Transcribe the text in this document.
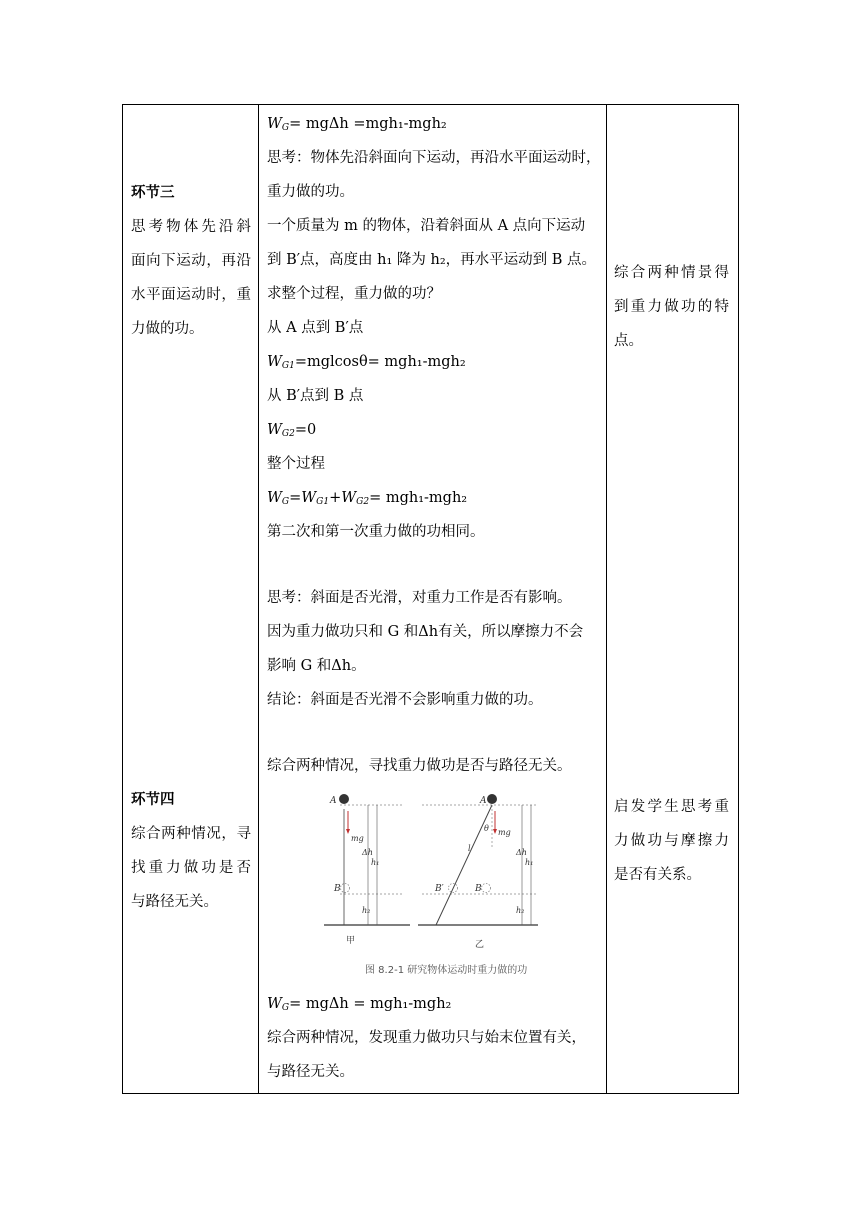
环节三
思考物体先沿斜
面向下运动，再沿
水平面运动时，重
力做的功。
$W_G= mg\Delta h =mgh_1-mgh_2$
思考：物体先沿斜面向下运动，再沿水平面运动时，
重力做的功。
一个质量为 m 的物体，沿着斜面从 A 点向下运动
到 B′点，高度由 h₁ 降为 h₂，再水平运动到 B 点。
求整个过程，重力做的功？
从 A 点到 B′点
$W_{G1}=mglcos\theta= mgh_1-mgh_2$
从 B′点到 B 点
$W_{G2}=0$
整个过程
$W_G=W_{G1}+W_{G2}= mgh_1-mgh_2$
第二次和第一次重力做的功相同。
思考：斜面是否光滑，对重力工作是否有影响。
因为重力做功只和 G 和Δh有关，所以摩擦力不会
影响 G 和Δh。
结论：斜面是否光滑不会影响重力做的功。
综合两种情景得
到重力做功的特
点。
环节四
综合两种情况，寻
找重力做功是否
与路径无关。
综合两种情况，寻找重力做功是否与路径无关。
A
B
mg
Δh
h₁
h₂
甲
A
B′	B
θ mg
l	Δh
h₁
h₂
乙
图 8.2-1 研究物体运动时重力做的功
$W_G= mg\Delta h = mgh_1-mgh_2$
综合两种情况，发现重力做功只与始末位置有关，
与路径无关。
启发学生思考重
力做功与摩擦力
是否有关系。
